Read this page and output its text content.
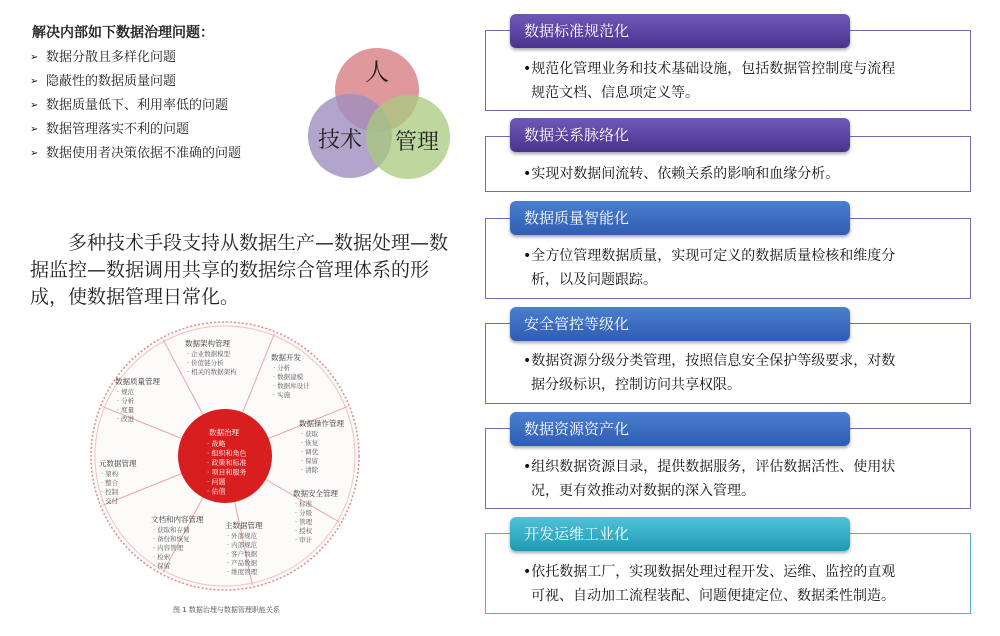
解决内部如下数据治理问题：
➢ 数据分散且多样化问题
➢ 隐蔽性的数据质量问题
➢ 数据质量低下、利用率低的问题
➢ 数据管理落实不利的问题
➢ 数据使用者决策依据不准确的问题
人
技术 管理
多种技术手段支持从数据生产—数据处理—数据监控—数据调用共享的数据综合管理体系的形成，使数据管理日常化。
数据治理
· 战略
· 组织和角色
· 政策和标准
· 项目和服务
· 问题
· 估值
数据架构管理
· 企业数据模型
· 价值链分析
· 相关的数据架构
数据开发
· 分析
· 数据建模
· 数据库设计
· 实施
数据操作管理
· 获取
· 恢复
· 调优
· 保留
· 清除
数据安全管理
· 标准
· 分级
· 管理
· 授权
· 审计
主数据管理
· 外部规范
· 内部规范
· 客户数据
· 产品数据
· 维度管理
文档和内容管理
· 获取和存储
· 备份和恢复
· 内容管理
· 检索
· 保留
元数据管理
· 架构
· 整合
· 控制
· 交付
数据质量管理
· 规范
· 分析
· 度量
· 改进
图 1 数据治理与数据管理职能关系
数据标准规范化
•规范化管理业务和技术基础设施，包括数据管控制度与流程
规范文档、信息项定义等。
数据关系脉络化
•实现对数据间流转、依赖关系的影响和血缘分析。
数据质量智能化
•全方位管理数据质量，实现可定义的数据质量检核和维度分
析，以及问题跟踪。
安全管控等级化
•数据资源分级分类管理，按照信息安全保护等级要求，对数
据分级标识，控制访问共享权限。
数据资源资产化
•组织数据资源目录，提供数据服务，评估数据活性、使用状
况，更有效推动对数据的深入管理。
开发运维工业化
•依托数据工厂，实现数据处理过程开发、运维、监控的直观
可视、自动加工流程装配、问题便捷定位、数据柔性制造。
